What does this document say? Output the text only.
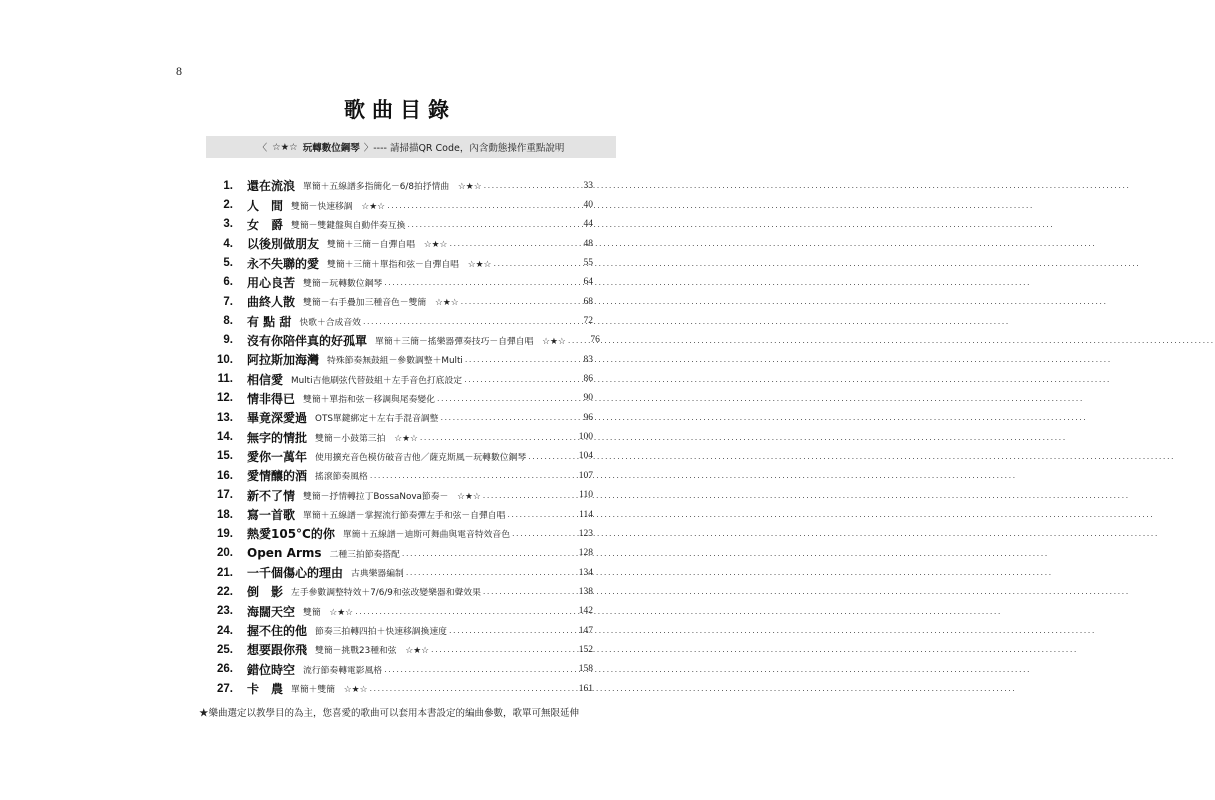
8
歌曲目錄
〈 ☆★☆ 玩轉數位鋼琴 〉 ---- 請掃描QR Code，內含動態操作重點說明
1. 還在流浪 單簡＋五線譜多指簡化－6/8拍抒情曲　☆★☆ .....	33
2. 人　間 雙簡－快速移調　☆★☆ .....	40
3. 女　爵 雙簡－雙鍵盤與自動伴奏互換 .....	44
4. 以後別做朋友 雙簡＋三簡－自彈自唱　☆★☆ .....	48
5. 永不失聯的愛 雙簡＋三簡＋單指和弦－自彈自唱　☆★☆ .....	55
6. 用心良苦 雙簡－玩轉數位鋼琴 .....	64
7. 曲終人散 雙簡－右手疊加三種音色－雙簡　☆★☆ .....	68
8. 有 點 甜 快歌＋合成音效 .....	72
9. 沒有你陪伴真的好孤單 單簡＋三簡－搖樂器彈奏技巧－自彈自唱　☆★☆ .....	76
10. 阿拉斯加海灣 特殊節奏無鼓組－參數調整＋Multi .....	83
11. 相信愛 Multi吉他刷弦代替鼓組＋左手音色打底設定 .....	86
12. 情非得已 雙簡＋單指和弦－移調與尾奏變化 .....	90
13. 畢竟深愛過 OTS單鍵綁定＋左右手混音調整 .....	96
14. 無字的情批 雙簡－小鼓第三拍　☆★☆ .....	100
15. 愛你一萬年 使用擴充音色模仿破音吉他／薩克斯風－玩轉數位鋼琴 .....	104
16. 愛情釀的酒 搖滾節奏風格 .....	107
17. 新不了情 雙簡－抒情轉拉丁BossaNova節奏－　☆★☆ .....	110
18. 寫一首歌 單簡＋五線譜－掌握流行節奏彈左手和弦－自彈自唱 .....	114
19. 熱愛105°C的你 單簡＋五線譜－迪斯可舞曲與電音特效音色 .....	123
20. Open Arms 二種三拍節奏搭配 .....	128
21. 一千個傷心的理由 古典樂器編制 .....	134
22. 倒　影 左手參數調整特效＋7/6/9和弦改變樂器和聲效果 .....	138
23. 海闊天空 雙簡　☆★☆ .....	142
24. 握不住的他 節奏三拍轉四拍＋快速移調換速度 .....	147
25. 想要跟你飛 雙簡－挑戰23種和弦　☆★☆ .....	152
26. 錯位時空 流行節奏轉電影風格 .....	158
27. 卡　農 單簡＋雙簡　☆★☆ .....	161
★樂曲選定以教學目的為主，您喜愛的歌曲可以套用本書設定的編曲參數，歌單可無限延伸
